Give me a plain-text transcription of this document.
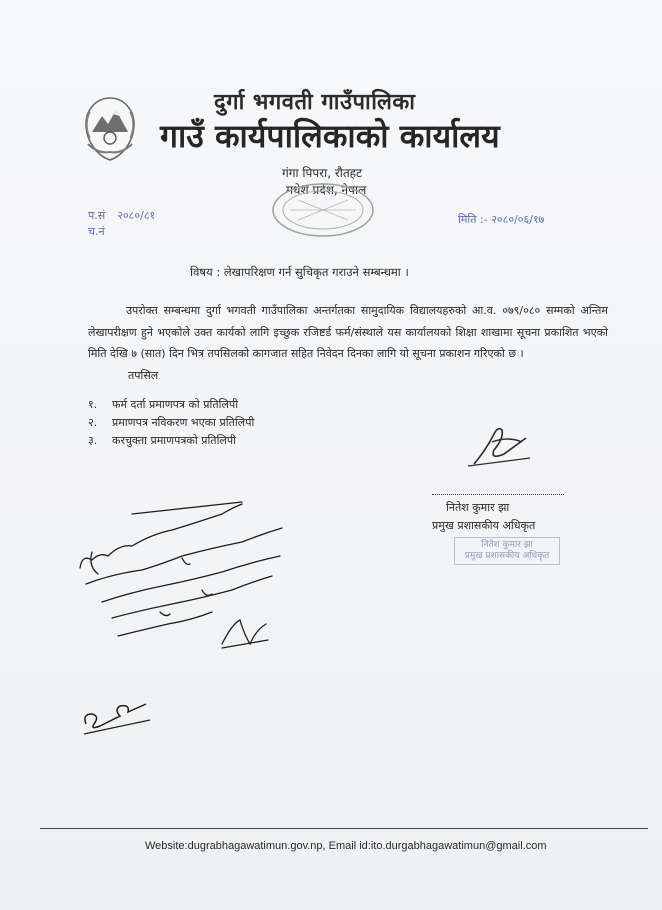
दुर्गा भगवती गाउँपालिका
गाउँ कार्यपालिकाको कार्यालय
गंगा पिपरा, रौतहट
मधेश प्रदेश, नेपाल
प.सं २०८०/८१
च.नं
मिति :- २०८०/०६/१७
विषय : लेखापरिक्षण गर्न सुचिकृत गराउने सम्बन्धमा ।
उपरोक्त सम्बन्धमा दुर्गा भगवती गाउँपालिका अन्तर्गतका सामुदायिक विद्यालयहरुको आ.व. ०७९/०८० सम्मको अन्तिम लेखापरीक्षण हुने भएकोले उक्त कार्यको लागि इच्छुक रजिष्टर्ड फर्म/संस्थाले यस कार्यालयको शिक्षा शाखामा सूचना प्रकाशित भएको मिति देखि ७ (सात) दिन भित्र तपसिलको कागजात सहित निवेदन दिनका लागि यो सूचना प्रकाशन गरिएको छ ।
तपसिल
१. फर्म दर्ता प्रमाणपत्र को प्रतिलिपी
२. प्रमाणपत्र नविकरण भएका प्रतिलिपी
३. करचुक्ता प्रमाणपत्रको प्रतिलिपी
नितेश कुमार झा
प्रमुख प्रशासकीय अधिकृत
नितेश कुमार झा
प्रमुख प्रशासकीय अधिकृत
Website:dugrabhagawatimun.gov.np, Email id:ito.durgabhagawatimun@gmail.com
